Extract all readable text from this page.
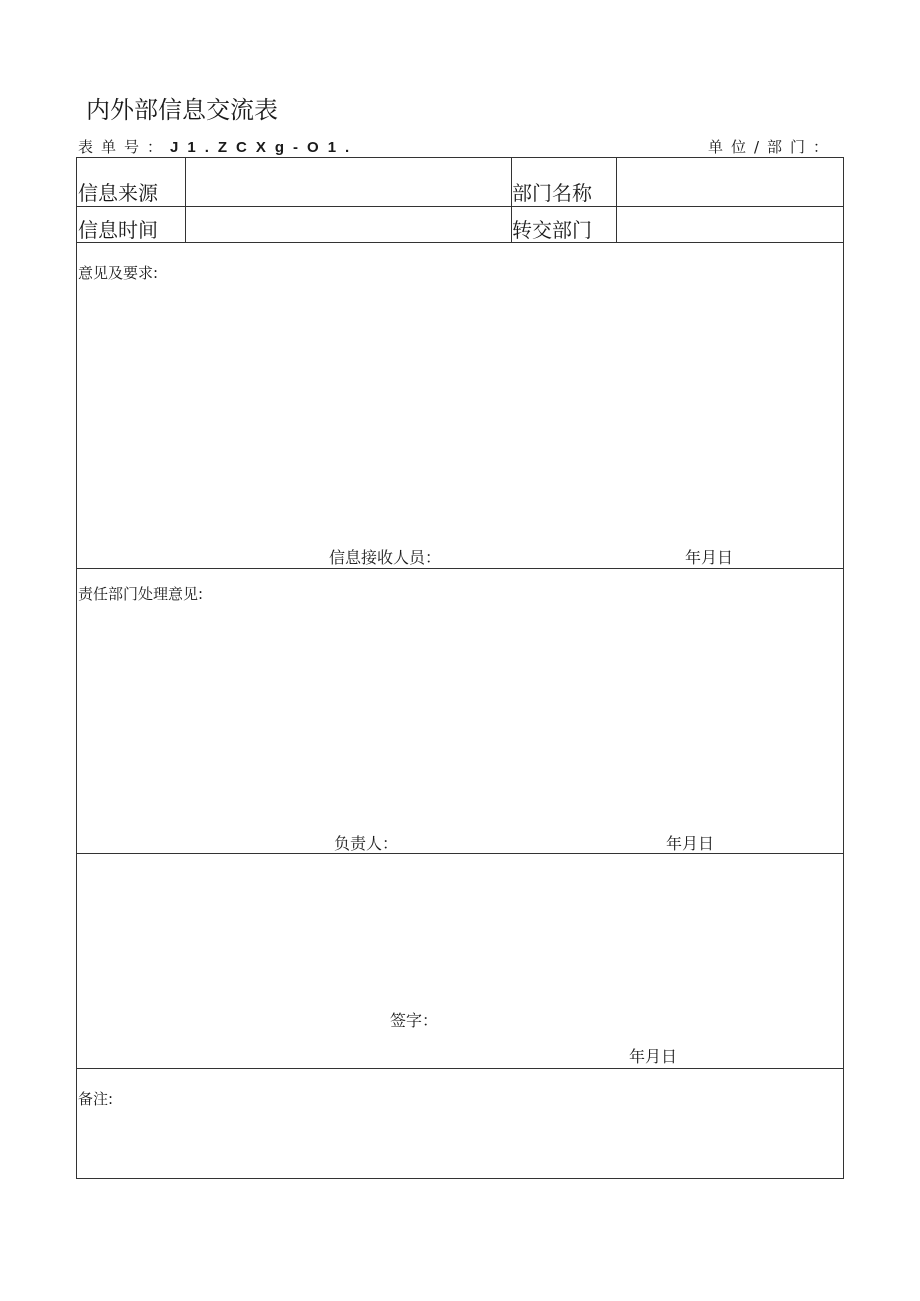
内外部信息交流表
表单号：J1.ZCXg-O1.	单位/部门：
信息来源	部门名称
信息时间	转交部门
意见及要求:
信息接收人员：	年月日
责任部门处理意见:
负责人：	年月日
签字：
年月日
备注:
